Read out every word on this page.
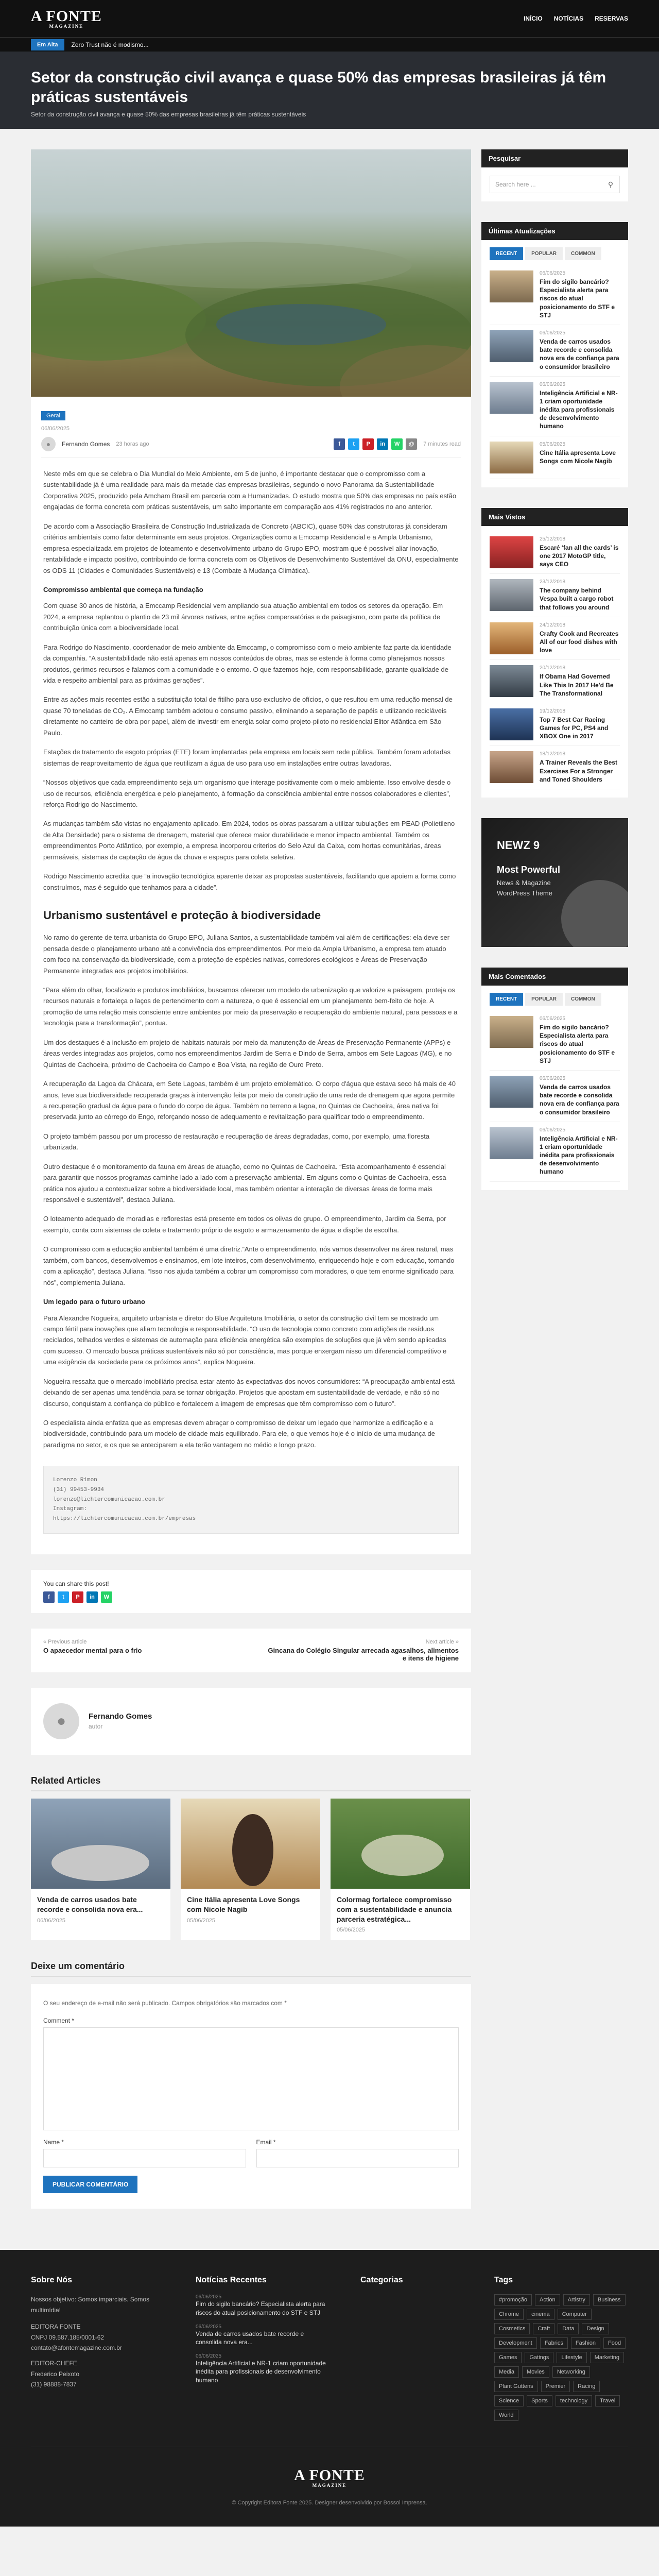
A FONTE
MAGAZINE
INÍCIO NOTÍCIAS RESERVAS
Em Alta	Zero Trust não é modismo...
Setor da construção civil avança e quase 50% das empresas brasileiras já têm práticas sustentáveis
Setor da construção civil avança e quase 50% das empresas brasileiras já têm práticas sustentáveis
Geral
06/06/2025
●	Fernando Gomes 23 horas ago	f	t	P	in	W	@	7 minutes read

Neste mês em que se celebra o Dia Mundial do Meio Ambiente, em 5 de junho, é importante destacar que o compromisso com a sustentabilidade já é uma realidade para mais da metade das empresas brasileiras, segundo o novo Panorama da Sustentabilidade Corporativa 2025, produzido pela Amcham Brasil em parceria com a Humanizadas. O estudo mostra que 50% das empresas no país estão engajadas de forma concreta com práticas sustentáveis, um salto importante em comparação aos 41% registrados no ano anterior.

De acordo com a Associação Brasileira de Construção Industrializada de Concreto (ABCIC), quase 50% das construtoras já consideram critérios ambientais como fator determinante em seus projetos. Organizações como a Emccamp Residencial e a Ampla Urbanismo, empresa especializada em projetos de loteamento e desenvolvimento urbano do Grupo EPO, mostram que é possível aliar inovação, rentabilidade e impacto positivo, contribuindo de forma concreta com os Objetivos de Desenvolvimento Sustentável da ONU, especialmente os ODS 11 (Cidades e Comunidades Sustentáveis) e 13 (Combate à Mudança Climática).

Compromisso ambiental que começa na fundação

Com quase 30 anos de história, a Emccamp Residencial vem ampliando sua atuação ambiental em todos os setores da operação. Em 2024, a empresa replantou o plantio de 23 mil árvores nativas, entre ações compensatórias e de paisagismo, com parte da política de contribuição única com a biodiversidade local.

Para Rodrigo do Nascimento, coordenador de meio ambiente da Emccamp, o compromisso com o meio ambiente faz parte da identidade da companhia. “A sustentabilidade não está apenas em nossos conteúdos de obras, mas se estende à forma como planejamos nossos produtos, gerimos recursos e falamos com a comunidade e o entorno. O que fazemos hoje, com responsabilidade, garante qualidade de vida e respeito ambiental para as próximas gerações”.

Entre as ações mais recentes estão a substituição total de fitilho para uso exclusivo de ofícios, o que resultou em uma redução mensal de quase 70 toneladas de CO₂. A Emccamp também adotou o consumo passivo, eliminando a separação de papéis e utilizando recicláveis diretamente no canteiro de obra por papel, além de investir em energia solar como projeto-piloto no residencial Elitor Atlântica em São Paulo.

Estações de tratamento de esgoto próprias (ETE) foram implantadas pela empresa em locais sem rede pública. Também foram adotadas sistemas de reaproveitamento de água que reutilizam a água de uso para uso em instalações entre outras lavadoras.

“Nossos objetivos que cada empreendimento seja um organismo que interage positivamente com o meio ambiente. Isso envolve desde o uso de recursos, eficiência energética e pelo planejamento, à formação da consciência ambiental entre nossos colaboradores e clientes”, reforça Rodrigo do Nascimento.

As mudanças também são vistas no engajamento aplicado. Em 2024, todos os obras passaram a utilizar tubulações em PEAD (Polietileno de Alta Densidade) para o sistema de drenagem, material que oferece maior durabilidade e menor impacto ambiental. Também os empreendimentos Porto Atlântico, por exemplo, a empresa incorporou criterios do Selo Azul da Caixa, com hortas comunitárias, áreas permeáveis, sistemas de captação de água da chuva e espaços para coleta seletiva.

Rodrigo Nascimento acredita que “a inovação tecnológica aparente deixar as propostas sustentáveis, facilitando que apoiem a forma como construímos, mas é seguido que tenhamos para a cidade”.

Urbanismo sustentável e proteção à biodiversidade

No ramo do gerente de terra urbanista do Grupo EPO, Juliana Santos, a sustentabilidade também vai além de certificações: ela deve ser pensada desde o planejamento urbano até a convivência dos empreendimentos. Por meio da Ampla Urbanismo, a empresa tem atuado com foco na conservação da biodiversidade, com a proteção de espécies nativas, corredores ecológicos e Áreas de Preservação Permanente integradas aos projetos imobiliários.

“Para além do olhar, focalizado e produtos imobiliários, buscamos oferecer um modelo de urbanização que valorize a paisagem, proteja os recursos naturais e fortaleça o laços de pertencimento com a natureza, o que é essencial em um planejamento bem-feito de hoje. A promoção de uma relação mais consciente entre ambientes por meio da preservação e recuperação do ambiente natural, para pessoas e a tecnologia para a transformação”, pontua.

Um dos destaques é a inclusão em projeto de habitats naturais por meio da manutenção de Áreas de Preservação Permanente (APPs) e áreas verdes integradas aos projetos, como nos empreendimentos Jardim de Serra e Dindo de Serra, ambos em Sete Lagoas (MG), e no Quintas de Cachoeira, próximo de Cachoeira do Campo e Boa Vista, na região de Ouro Preto.

A recuperação da Lagoa da Chácara, em Sete Lagoas, também é um projeto emblemático. O corpo d'água que estava seco há mais de 40 anos, teve sua biodiversidade recuperada graças à intervenção feita por meio da construção de uma rede de drenagem que agora permite a recuperação gradual da água para o fundo do corpo de água. Também no terreno a lagoa, no Quintas de Cachoeira, área nativa foi preservada junto ao córrego do Engo, reforçando nosso de adequamento e revitalização para qualificar todo o empreendimento.

O projeto também passou por um processo de restauração e recuperação de áreas degradadas, como, por exemplo, uma floresta urbanizada.

Outro destaque é o monitoramento da fauna em áreas de atuação, como no Quintas de Cachoeira. “Esta acompanhamento é essencial para garantir que nossos programas caminhe lado a lado com a preservação ambiental. Em alguns como o Quintas de Cachoeira, essa prática nos ajudou a contextualizar sobre a biodiversidade local, mas também orientar a interação de diversas áreas de forma mais responsável e sustentável”, destaca Juliana.

O loteamento adequado de moradias e reflorestas está presente em todos os olivas do grupo. O empreendimento, Jardim da Serra, por exemplo, conta com sistemas de coleta e tratamento próprio de esgoto e armazenamento de água e dispõe de escolha.

O compromisso com a educação ambiental também é uma diretriz.”Ante o empreendimento, nós vamos desenvolver na área natural, mas também, com bancos, desenvolvemos e ensinamos, em lote inteiros, com desenvolvimento, enriquecendo hoje e com educação, tomando com a aplicação”, destaca Juliana. “Isso nos ajuda também a cobrar um compromisso com moradores, o que tem enorme significado para nós”, complementa Juliana.

Um legado para o futuro urbano

Para Alexandre Nogueira, arquiteto urbanista e diretor do Blue Arquitetura Imobiliária, o setor da construção civil tem se mostrado um campo fértil para inovações que aliam tecnologia e responsabilidade. “O uso de tecnologia como concreto com adições de resíduos reciclados, telhados verdes e sistemas de automação para eficiência energética são exemplos de soluções que já vêm sendo aplicadas com sucesso. O mercado busca práticas sustentáveis não só por consciência, mas porque enxergam nisso um diferencial competitivo e uma exigência da sociedade para os próximos anos”, explica Nogueira.

Nogueira ressalta que o mercado imobiliário precisa estar atento às expectativas dos novos consumidores: “A preocupação ambiental está deixando de ser apenas uma tendência para se tornar obrigação. Projetos que apostam em sustentabilidade de verdade, e não só no discurso, conquistam a confiança do público e fortalecem a imagem de empresas que têm compromisso com o futuro”.

O especialista ainda enfatiza que as empresas devem abraçar o compromisso de deixar um legado que harmonize a edificação e a biodiversidade, contribuindo para um modelo de cidade mais equilibrado. Para ele, o que vemos hoje é o início de uma mudança de paradigma no setor, e os que se anteciparem a ela terão vantagem no médio e longo prazo.

Lorenzo Rimon
(31) 99453-9934
lorenzo@lichtercomunicacao.com.br
Instagram:
https://lichtercomunicacao.com.br/empresas
You can share this post!
f	t	P	in	W
« Previous article
O apaecedor mental para o frio
Next article »
Gincana do Colégio Singular arrecada agasalhos, alimentos e itens de higiene
●	Fernando Gomes
autor
Related Articles
Venda de carros usados bate recorde e consolida nova era...
06/06/2025
Cine Itália apresenta Love Songs com Nicole Nagib
05/06/2025
Colormag fortalece compromisso com a sustentabilidade e anuncia parceria estratégica...
05/06/2025
Deixe um comentário
O seu endereço de e-mail não será publicado. Campos obrigatórios são marcados com *
Comment *
Name *	Email *
PUBLICAR COMENTÁRIO
Pesquisar
Search here ...	⚲
Últimas Atualizações
RECENT	POPULAR	COMMON
06/06/2025
Fim do sigilo bancário? Especialista alerta para riscos do atual posicionamento do STF e STJ
06/06/2025
Venda de carros usados bate recorde e consolida nova era de confiança para o consumidor brasileiro
06/06/2025
Inteligência Artificial e NR-1 criam oportunidade inédita para profissionais de desenvolvimento humano
05/06/2025
Cine Itália apresenta Love Songs com Nicole Nagib
Mais Vistos
25/12/2018
Escaré ‘fan all the cards’ is one 2017 MotoGP title, says CEO
23/12/2018
The company behind Vespa built a cargo robot that follows you around
24/12/2018
Crafty Cook and Recreates All of our food dishes with love
20/12/2018
If Obama Had Governed Like This In 2017 He'd Be The Transformational
19/12/2018
Top 7 Best Car Racing Games for PC, PS4 and XBOX One in 2017
18/12/2018
A Trainer Reveals the Best Exercises For a Stronger and Toned Shoulders
NEWZ 9
Most Powerful
News & Magazine
WordPress Theme
Mais Comentados
RECENT	POPULAR	COMMON
06/06/2025
Fim do sigilo bancário? Especialista alerta para riscos do atual posicionamento do STF e STJ
06/06/2025
Venda de carros usados bate recorde e consolida nova era de confiança para o consumidor brasileiro
06/06/2025
Inteligência Artificial e NR-1 criam oportunidade inédita para profissionais de desenvolvimento humano
Sobre Nós
Nossos objetivo: Somos imparciais. Somos multimídia!
EDITORA FONTE
CNPJ 09.587.185/0001-62
contato@afontemagazine.com.br
EDITOR-CHEFE
Frederico Peixoto
(31) 98888-7837
Notícias Recentes
06/06/2025
Fim do sigilo bancário? Especialista alerta para riscos do atual posicionamento do STF e STJ
06/06/2025
Venda de carros usados bate recorde e consolida nova era...
06/06/2025
Inteligência Artificial e NR-1 criam oportunidade inédita para profissionais de desenvolvimento humano
Categorias	Tags
#promoção	Action	Artistry	Business
Chrome	cinema	Computer
Cosmetics	Craft	Data	Design
Development	Fabrics	Fashion	Food
Games	Gatings	Lifestyle	Marketing
Media	Movies	Networking
Plant Guttens	Premier	Racing
Science	Sports	technology	Travel
World
A FONTE
MAGAZINE
© Copyright Editora Fonte 2025. Designer desenvolvido por Bossoi Imprensa.
